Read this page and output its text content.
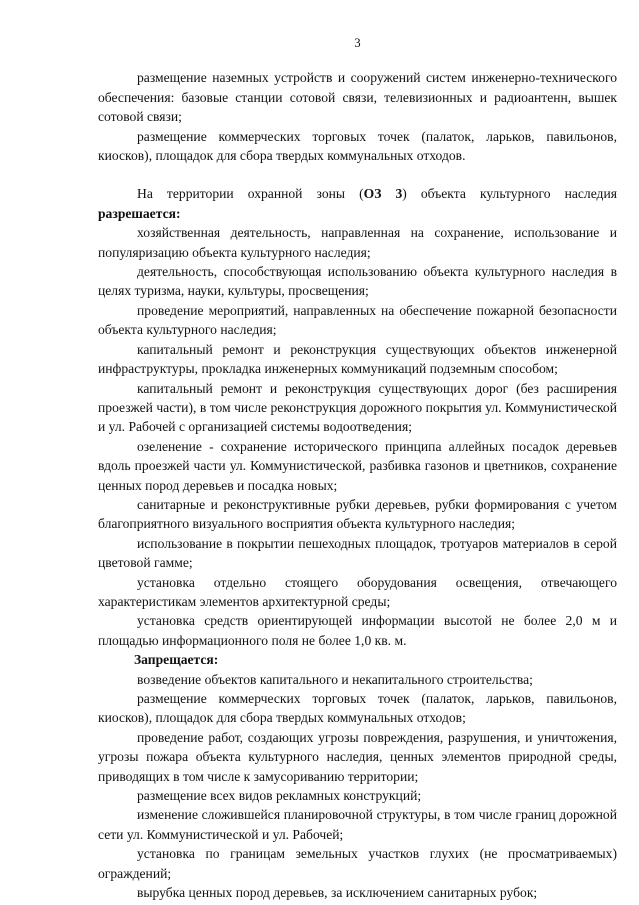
3

размещение наземных устройств и сооружений систем инженерно-технического обеспечения: базовые станции сотовой связи, телевизионных и радиоантенн, вышек сотовой связи;

размещение коммерческих торговых точек (палаток, ларьков, павильонов, киосков), площадок для сбора твердых коммунальных отходов.

На территории охранной зоны (ОЗ 3) объекта культурного наследия разрешается:

хозяйственная деятельность, направленная на сохранение, использование и популяризацию объекта культурного наследия;

деятельность, способствующая использованию объекта культурного наследия в целях туризма, науки, культуры, просвещения;

проведение мероприятий, направленных на обеспечение пожарной безопасности объекта культурного наследия;

капитальный ремонт и реконструкция существующих объектов инженерной инфраструктуры, прокладка инженерных коммуникаций подземным способом;

капитальный ремонт и реконструкция существующих дорог (без расширения проезжей части), в том числе реконструкция дорожного покрытия ул. Коммунистической и ул. Рабочей с организацией системы водоотведения;

озеленение - сохранение исторического принципа аллейных посадок деревьев вдоль проезжей части ул. Коммунистической, разбивка газонов и цветников, сохранение ценных пород деревьев и посадка новых;

санитарные и реконструктивные рубки деревьев, рубки формирования с учетом благоприятного визуального восприятия объекта культурного наследия;

использование в покрытии пешеходных площадок, тротуаров материалов в серой цветовой гамме;

установка отдельно стоящего оборудования освещения, отвечающего характеристикам элементов архитектурной среды;

установка средств ориентирующей информации высотой не более 2,0 м и площадью информационного поля не более 1,0 кв. м.

Запрещается:

возведение объектов капитального и некапитального строительства;

размещение коммерческих торговых точек (палаток, ларьков, павильонов, киосков), площадок для сбора твердых коммунальных отходов;

проведение работ, создающих угрозы повреждения, разрушения, и уничтожения, угрозы пожара объекта культурного наследия, ценных элементов природной среды, приводящих в том числе к замусориванию территории;

размещение всех видов рекламных конструкций;

изменение сложившейся планировочной структуры, в том числе границ дорожной сети ул. Коммунистической и ул. Рабочей;

установка по границам земельных участков глухих (не просматриваемых) ограждений;

вырубка ценных пород деревьев, за исключением санитарных рубок;
